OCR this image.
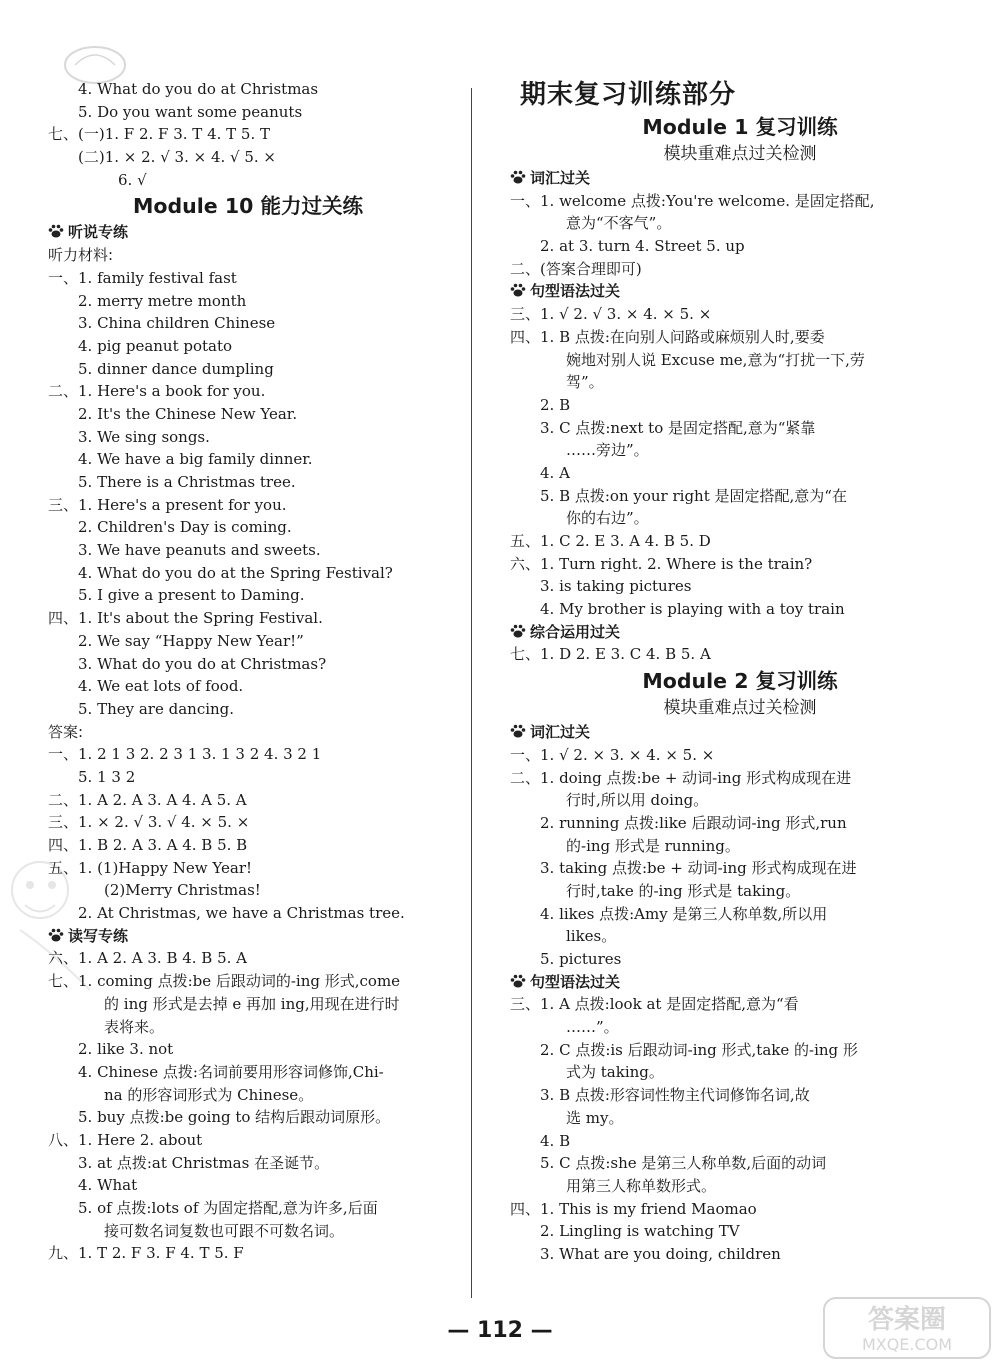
4. What do you do at Christmas
5. Do you want some peanuts
七、(一)1. F 2. F 3. T 4. T 5. T
(二)1. × 2. √ 3. × 4. √ 5. ×
6. √
Module 10 能力过关练
听说专练
听力材料:
一、1. family festival fast
2. merry metre month
3. China children Chinese
4. pig peanut potato
5. dinner dance dumpling
二、1. Here's a book for you.
2. It's the Chinese New Year.
3. We sing songs.
4. We have a big family dinner.
5. There is a Christmas tree.
三、1. Here's a present for you.
2. Children's Day is coming.
3. We have peanuts and sweets.
4. What do you do at the Spring Festival?
5. I give a present to Daming.
四、1. It's about the Spring Festival.
2. We say “Happy New Year!”
3. What do you do at Christmas?
4. We eat lots of food.
5. They are dancing.
答案:
一、1. 2 1 3 2. 2 3 1 3. 1 3 2 4. 3 2 1
5. 1 3 2
二、1. A 2. A 3. A 4. A 5. A
三、1. × 2. √ 3. √ 4. × 5. ×
四、1. B 2. A 3. A 4. B 5. B
五、1. (1)Happy New Year!
(2)Merry Christmas!
2. At Christmas, we have a Christmas tree.
读写专练
六、1. A 2. A 3. B 4. B 5. A
七、1. coming 点拨:be 后跟动词的-ing 形式,come
的 ing 形式是去掉 e 再加 ing,用现在进行时
表将来。
2. like 3. not
4. Chinese 点拨:名词前要用形容词修饰,Chi-
na 的形容词形式为 Chinese。
5. buy 点拨:be going to 结构后跟动词原形。
八、1. Here 2. about
3. at 点拨:at Christmas 在圣诞节。
4. What
5. of 点拨:lots of 为固定搭配,意为许多,后面
接可数名词复数也可跟不可数名词。
九、1. T 2. F 3. F 4. T 5. F
期末复习训练部分
Module 1 复习训练
模块重难点过关检测
词汇过关
一、1. welcome 点拨:You're welcome. 是固定搭配,
意为“不客气”。
2. at 3. turn 4. Street 5. up
二、(答案合理即可)
句型语法过关
三、1. √ 2. √ 3. × 4. × 5. ×
四、1. B 点拨:在向别人问路或麻烦别人时,要委
婉地对别人说 Excuse me,意为“打扰一下,劳
驾”。
2. B
3. C 点拨:next to 是固定搭配,意为“紧靠
……旁边”。
4. A
5. B 点拨:on your right 是固定搭配,意为“在
你的右边”。
五、1. C 2. E 3. A 4. B 5. D
六、1. Turn right. 2. Where is the train?
3. is taking pictures
4. My brother is playing with a toy train
综合运用过关
七、1. D 2. E 3. C 4. B 5. A
Module 2 复习训练
模块重难点过关检测
词汇过关
一、1. √ 2. × 3. × 4. × 5. ×
二、1. doing 点拨:be + 动词-ing 形式构成现在进
行时,所以用 doing。
2. running 点拨:like 后跟动词-ing 形式,run
的-ing 形式是 running。
3. taking 点拨:be + 动词-ing 形式构成现在进
行时,take 的-ing 形式是 taking。
4. likes 点拨:Amy 是第三人称单数,所以用
likes。
5. pictures
句型语法过关
三、1. A 点拨:look at 是固定搭配,意为“看
……”。
2. C 点拨:is 后跟动词-ing 形式,take 的-ing 形
式为 taking。
3. B 点拨:形容词性物主代词修饰名词,故
选 my。
4. B
5. C 点拨:she 是第三人称单数,后面的动词
用第三人称单数形式。
四、1. This is my friend Maomao
2. Lingling is watching TV
3. What are you doing, children
— 112 —	答案圈
MXQE.COM
